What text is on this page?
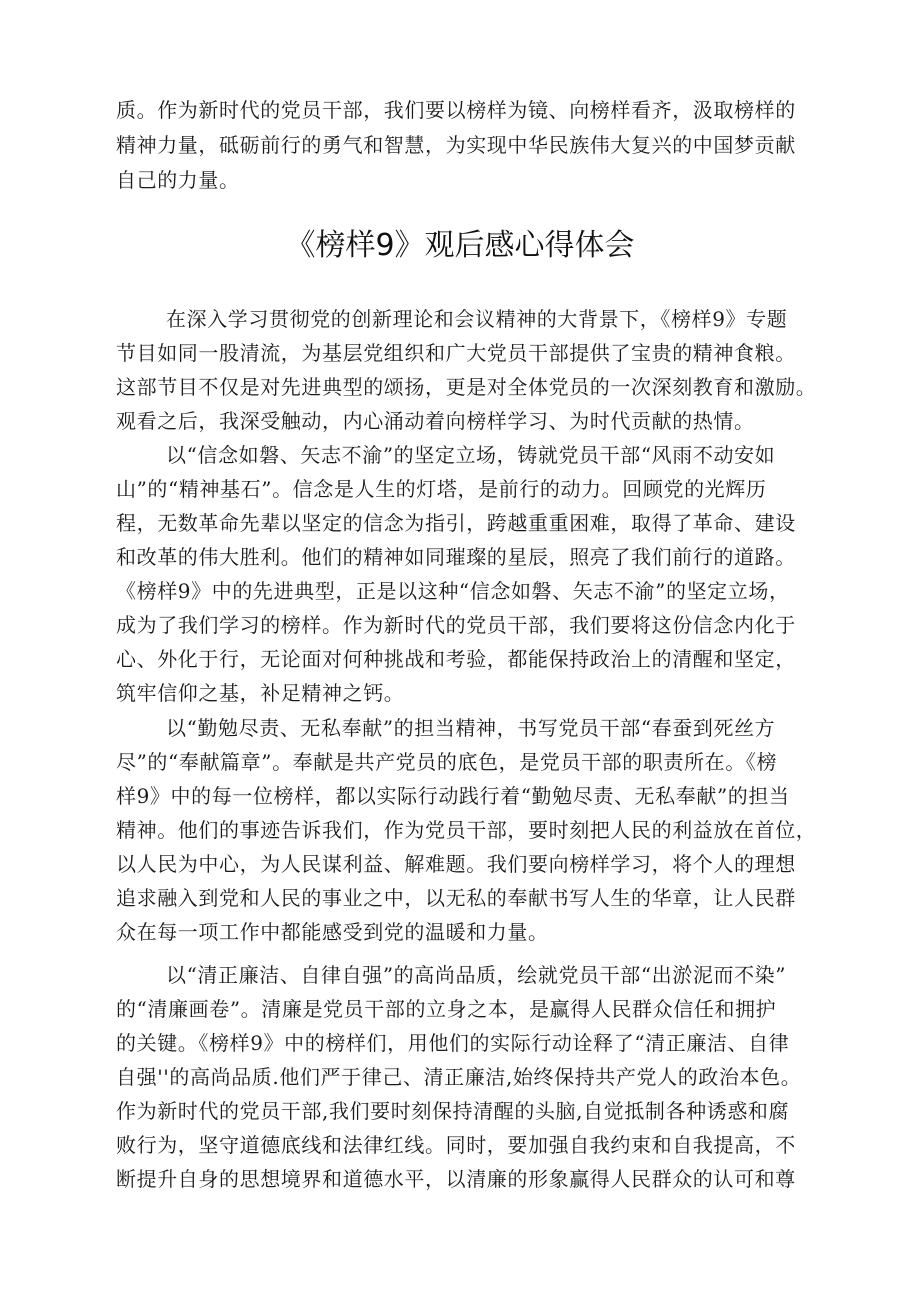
质。作为新时代的党员干部，我们要以榜样为镜、向榜样看齐，汲取榜样的
精神力量，砥砺前行的勇气和智慧，为实现中华民族伟大复兴的中国梦贡献
自己的力量。
《榜样9》观后感心得体会
在深入学习贯彻党的创新理论和会议精神的大背景下，《榜样9》专题
节目如同一股清流，为基层党组织和广大党员干部提供了宝贵的精神食粮。
这部节目不仅是对先进典型的颂扬，更是对全体党员的一次深刻教育和激励。
观看之后，我深受触动，内心涌动着向榜样学习、为时代贡献的热情。
以“信念如磐、矢志不渝”的坚定立场，铸就党员干部“风雨不动安如
山”的“精神基石”。信念是人生的灯塔，是前行的动力。回顾党的光辉历
程，无数革命先辈以坚定的信念为指引，跨越重重困难，取得了革命、建设
和改革的伟大胜利。他们的精神如同璀璨的星辰，照亮了我们前行的道路。
《榜样9》中的先进典型，正是以这种“信念如磐、矢志不渝”的坚定立场，
成为了我们学习的榜样。作为新时代的党员干部，我们要将这份信念内化于
心、外化于行，无论面对何种挑战和考验，都能保持政治上的清醒和坚定，
筑牢信仰之基，补足精神之钙。
以“勤勉尽责、无私奉献”的担当精神，书写党员干部“春蚕到死丝方
尽”的“奉献篇章”。奉献是共产党员的底色，是党员干部的职责所在。《榜
样9》中的每一位榜样，都以实际行动践行着“勤勉尽责、无私奉献”的担当
精神。他们的事迹告诉我们，作为党员干部，要时刻把人民的利益放在首位，
以人民为中心，为人民谋利益、解难题。我们要向榜样学习，将个人的理想
追求融入到党和人民的事业之中，以无私的奉献书写人生的华章，让人民群
众在每一项工作中都能感受到党的温暖和力量。
以“清正廉洁、自律自强”的高尚品质，绘就党员干部“出淤泥而不染”
的“清廉画卷”。清廉是党员干部的立身之本，是赢得人民群众信任和拥护
的关键。《榜样9》中的榜样们，用他们的实际行动诠释了“清正廉洁、自律
自强''的高尚品质.他们严于律己、清正廉洁,始终保持共产党人的政治本色。
作为新时代的党员干部,我们要时刻保持清醒的头脑,自觉抵制各种诱惑和腐
败行为，坚守道德底线和法律红线。同时，要加强自我约束和自我提高，不
断提升自身的思想境界和道德水平，以清廉的形象赢得人民群众的认可和尊
